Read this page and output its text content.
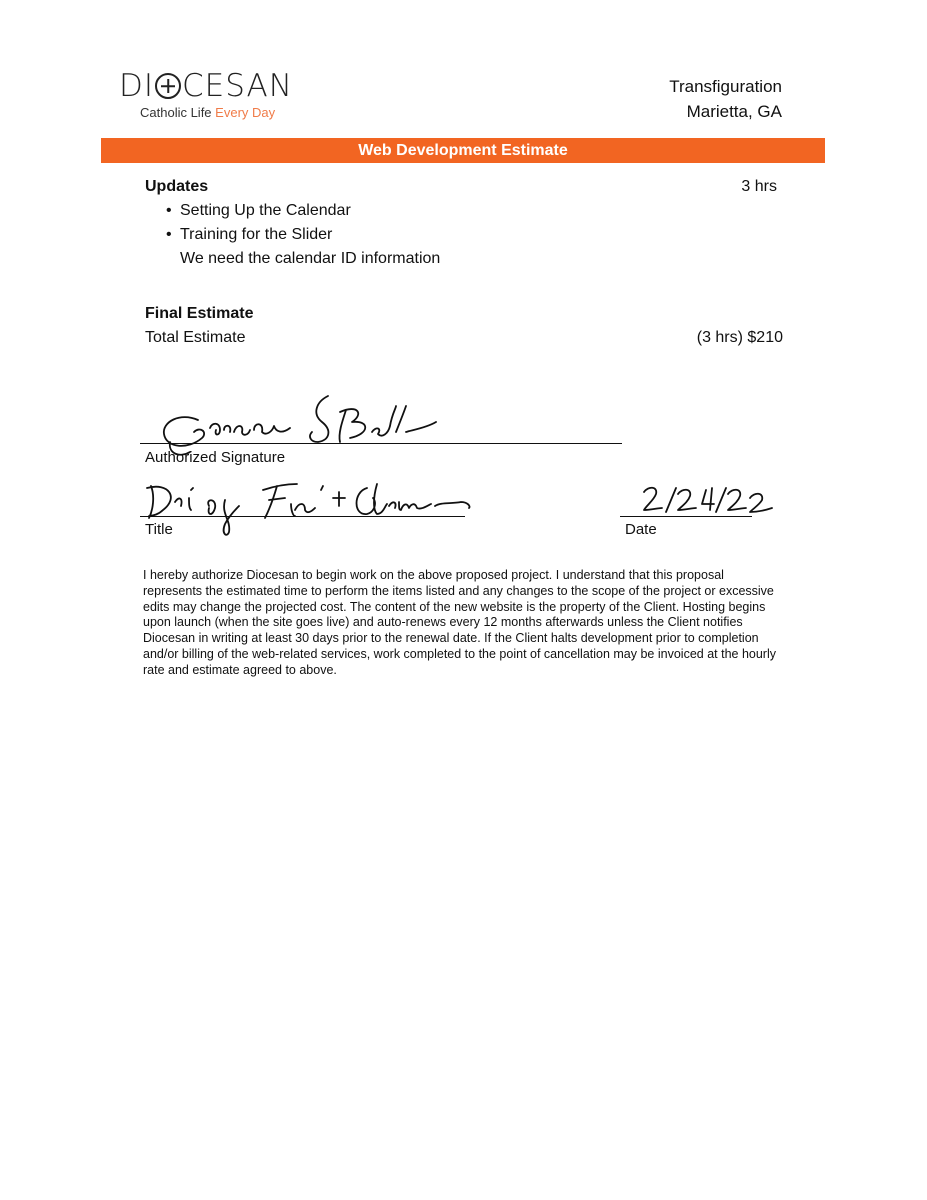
DI CESAN
Catholic Life Every Day
Transfiguration
Marietta, GA
Web Development Estimate
Updates	3 hrs
• Setting Up the Calendar
• Training for the Slider
We need the calendar ID information
Final Estimate
Total Estimate	(3 hrs) $210
Authorized Signature
Title	Date
I hereby authorize Diocesan to begin work on the above proposed project. I understand that this proposal represents the estimated time to perform the items listed and any changes to the scope of the project or excessive edits may change the projected cost. The content of the new website is the property of the Client. Hosting begins upon launch (when the site goes live) and auto-renews every 12 months afterwards unless the Client notifies Diocesan in writing at least 30 days prior to the renewal date. If the Client halts development prior to completion and/or billing of the web-related services, work completed to the point of cancellation may be invoiced at the hourly rate and estimate agreed to above.
